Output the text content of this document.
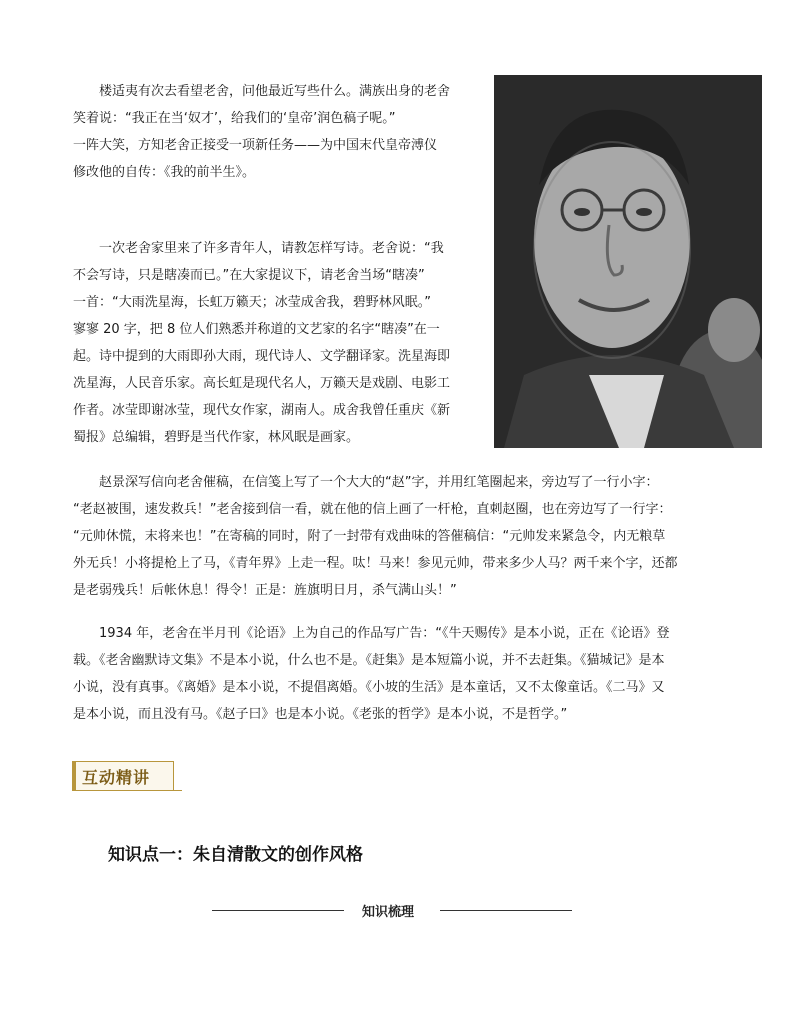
楼适夷有次去看望老舍，问他最近写些什么。满族出身的老舍
笑着说：“我正在当‘奴才’，给我们的‘皇帝’润色稿子呢。”
一阵大笑，方知老舍正接受一项新任务——为中国末代皇帝溥仪
修改他的自传：《我的前半生》。

一次老舍家里来了许多青年人，请教怎样写诗。老舍说：“我
不会写诗，只是瞎凑而已。”在大家提议下，请老舍当场“瞎凑”
一首：“大雨洗星海，长虹万籁天；冰莹成舍我，碧野林风眠。”
寥寥 20 字，把 8 位人们熟悉并称道的文艺家的名字“瞎凑”在一
起。诗中提到的大雨即孙大雨，现代诗人、文学翻译家。洗星海即
冼星海，人民音乐家。高长虹是现代名人，万籁天是戏剧、电影工
作者。冰莹即谢冰莹，现代女作家，湖南人。成舍我曾任重庆《新
蜀报》总编辑，碧野是当代作家，林风眠是画家。

赵景深写信向老舍催稿，在信笺上写了一个大大的“赵”字，并用红笔圈起来，旁边写了一行小字：
“老赵被围，速发救兵！”老舍接到信一看，就在他的信上画了一杆枪，直刺赵圈，也在旁边写了一行字：
“元帅休慌，末将来也！”在寄稿的同时，附了一封带有戏曲味的答催稿信：“元帅发来紧急令，内无粮草
外无兵！小将提枪上了马，《青年界》上走一程。呔！马来！参见元帅，带来多少人马？两千来个字，还都
是老弱残兵！后帐休息！得令！正是：旌旗明日月，杀气满山头！”

1934 年，老舍在半月刊《论语》上为自己的作品写广告：“《牛天赐传》是本小说，正在《论语》登
载。《老舍幽默诗文集》不是本小说，什么也不是。《赶集》是本短篇小说，并不去赶集。《猫城记》是本
小说，没有真事。《离婚》是本小说，不提倡离婚。《小坡的生活》是本童话，又不太像童话。《二马》又
是本小说，而且没有马。《赵子曰》也是本小说。《老张的哲学》是本小说，不是哲学。”

互动精讲
知识点一：朱自清散文的创作风格
知识梳理
